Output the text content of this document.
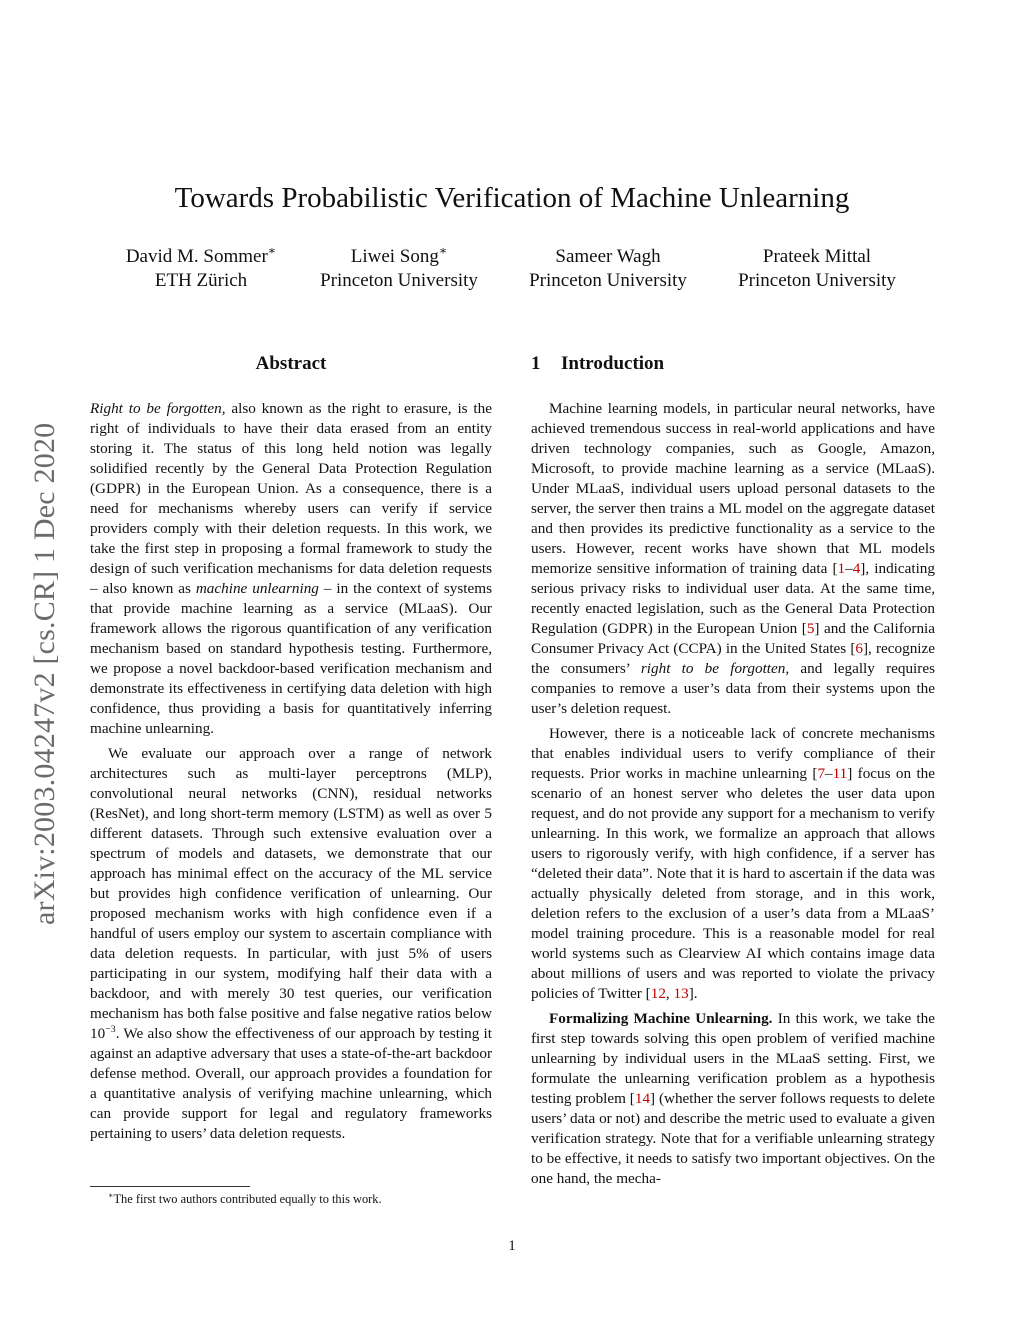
arXiv:2003.04247v2 [cs.CR] 1 Dec 2020
Towards Probabilistic Verification of Machine Unlearning
David M. Sommer∗
ETH Zürich
Liwei Song∗
Princeton University
Sameer Wagh
Princeton University
Prateek Mittal
Princeton University
Abstract

Right to be forgotten, also known as the right to erasure, is the right of individuals to have their data erased from an entity storing it. The status of this long held notion was legally solidified recently by the General Data Protection Regulation (GDPR) in the European Union. As a consequence, there is a need for mechanisms whereby users can verify if service providers comply with their deletion requests. In this work, we take the first step in proposing a formal framework to study the design of such verification mechanisms for data deletion requests – also known as machine unlearning – in the context of systems that provide machine learning as a service (MLaaS). Our framework allows the rigorous quantification of any verification mechanism based on standard hypothesis testing. Furthermore, we propose a novel backdoor-based verification mechanism and demonstrate its effectiveness in certifying data deletion with high confidence, thus providing a basis for quantitatively inferring machine unlearning.

We evaluate our approach over a range of network architectures such as multi-layer perceptrons (MLP), convolutional neural networks (CNN), residual networks (ResNet), and long short-term memory (LSTM) as well as over 5 different datasets. Through such extensive evaluation over a spectrum of models and datasets, we demonstrate that our approach has minimal effect on the accuracy of the ML service but provides high confidence verification of unlearning. Our proposed mechanism works with high confidence even if a handful of users employ our system to ascertain compliance with data deletion requests. In particular, with just 5% of users participating in our system, modifying half their data with a backdoor, and with merely 30 test queries, our verification mechanism has both false positive and false negative ratios below $10^{-3}$. We also show the effectiveness of our approach by testing it against an adaptive adversary that uses a state-of-the-art backdoor defense method. Overall, our approach provides a foundation for a quantitative analysis of verifying machine unlearning, which can provide support for legal and regulatory frameworks pertaining to users’ data deletion requests.

1 Introduction

Machine learning models, in particular neural networks, have achieved tremendous success in real-world applications and have driven technology companies, such as Google, Amazon, Microsoft, to provide machine learning as a service (MLaaS). Under MLaaS, individual users upload personal datasets to the server, the server then trains a ML model on the aggregate dataset and then provides its predictive functionality as a service to the users. However, recent works have shown that ML models memorize sensitive information of training data [1–4], indicating serious privacy risks to individual user data. At the same time, recently enacted legislation, such as the General Data Protection Regulation (GDPR) in the European Union [5] and the California Consumer Privacy Act (CCPA) in the United States [6], recognize the consumers’ right to be forgotten, and legally requires companies to remove a user’s data from their systems upon the user’s deletion request.

However, there is a noticeable lack of concrete mechanisms that enables individual users to verify compliance of their requests. Prior works in machine unlearning [7–11] focus on the scenario of an honest server who deletes the user data upon request, and do not provide any support for a mechanism to verify unlearning. In this work, we formalize an approach that allows users to rigorously verify, with high confidence, if a server has “deleted their data”. Note that it is hard to ascertain if the data was actually physically deleted from storage, and in this work, deletion refers to the exclusion of a user’s data from a MLaaS’ model training procedure. This is a reasonable model for real world systems such as Clearview AI which contains image data about millions of users and was reported to violate the privacy policies of Twitter [12, 13].

Formalizing Machine Unlearning. In this work, we take the first step towards solving this open problem of verified machine unlearning by individual users in the MLaaS setting. First, we formulate the unlearning verification problem as a hypothesis testing problem [14] (whether the server follows requests to delete users’ data or not) and describe the metric used to evaluate a given verification strategy. Note that for a verifiable unlearning strategy to be effective, it needs to satisfy two important objectives. On the one hand, the mecha-

∗The first two authors contributed equally to this work.
1
